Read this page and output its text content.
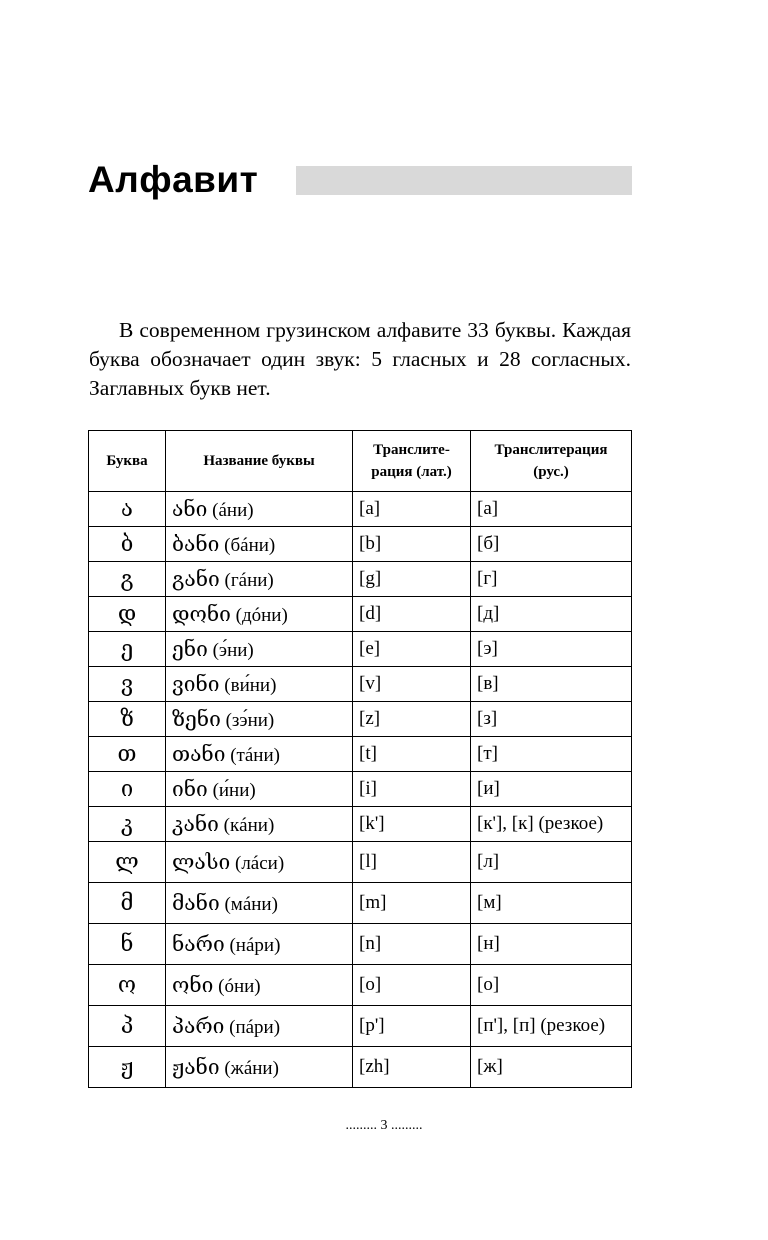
Алфавит

В современном грузинском алфавите 33 буквы. Каждая буква обозначает один звук: 5 гласных и 28 согласных. Заглавных букв нет.

Буква	Название буквы	Транслите-рация (лат.)	Транслитерация (рус.)
ა	ანი (áни)	[a]	[а]
ბ	ბანი (бáни)	[b]	[б]
გ	განი (гáни)	[g]	[г]
დ	დონი (дóни)	[d]	[д]
ე	ენი (э́ни)	[e]	[э]
ვ	ვინი (ви́ни)	[v]	[в]
ზ	ზენი (зэ́ни)	[z]	[з]
თ	თანი (тáни)	[t]	[т]
ი	ინი (и́ни)	[i]	[и]
კ	კანი (кáни)	[k']	[к'], [к] (резкое)
ლ	ლასი (лáси)	[l]	[л]
მ	მანი (мáни)	[m]	[м]
ნ	ნარი (нáри)	[n]	[н]
ო	ონი (óни)	[o]	[о]
პ	პარი (пáри)	[p']	[п'], [п] (резкое)
ჟ	ჟანი (жáни)	[zh]	[ж]

......... 3 .........
